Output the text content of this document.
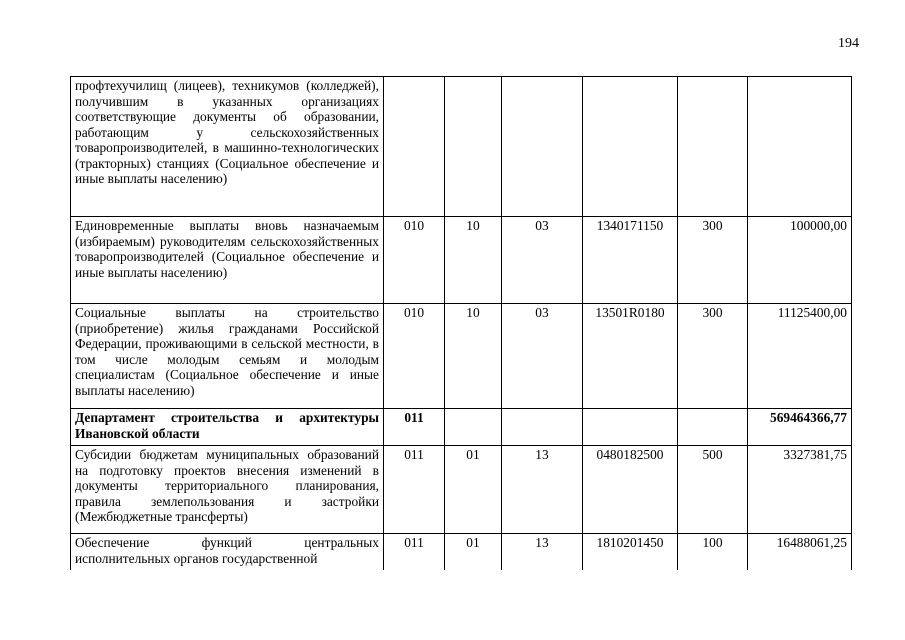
194
профтехучилищ (лицеев), техникумов (колледжей), получившим в указанных организациях соответствующие документы об образовании, работающим у сельскохозяйственных товаропроизводителей, в машинно-технологических (тракторных) станциях (Социальное обеспечение и иные выплаты населению)						
Единовременные выплаты вновь назначаемым (избираемым) руководителям сельскохозяйственных товаропроизводителей (Социальное обеспечение и иные выплаты населению)	010	10	03	1340171150	300	100000,00
Социальные выплаты на строительство (приобретение) жилья гражданами Российской Федерации, проживающими в сельской местности, в том числе молодым семьям и молодым специалистам (Социальное обеспечение и иные выплаты населению)	010	10	03	13501R0180	300	11125400,00
Департамент строительства и архитектуры Ивановской области	011					569464366,77
Субсидии бюджетам муниципальных образований на подготовку проектов внесения изменений в документы территориального планирования, правила землепользования и застройки (Межбюджетные трансферты)	011	01	13	0480182500	500	3327381,75
Обеспечение функций центральных исполнительных органов государственной	011	01	13	1810201450	100	16488061,25
